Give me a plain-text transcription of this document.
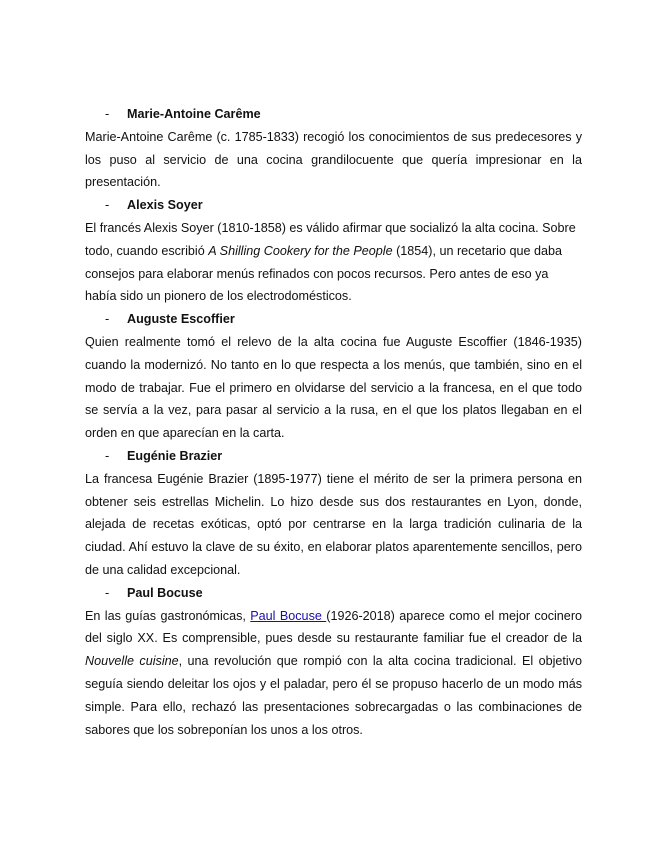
- Marie-Antoine Carême

Marie-Antoine Carême (c. 1785-1833) recogió los conocimientos de sus predecesores y los puso al servicio de una cocina grandilocuente que quería impresionar en la presentación.

- Alexis Soyer

El francés Alexis Soyer (1810-1858) es válido afirmar que socializó la alta cocina. Sobre todo, cuando escribió A Shilling Cookery for the People (1854), un recetario que daba consejos para elaborar menús refinados con pocos recursos. Pero antes de eso ya había sido un pionero de los electrodomésticos.

- Auguste Escoffier

Quien realmente tomó el relevo de la alta cocina fue Auguste Escoffier (1846-1935) cuando la modernizó. No tanto en lo que respecta a los menús, que también, sino en el modo de trabajar. Fue el primero en olvidarse del servicio a la francesa, en el que todo se servía a la vez, para pasar al servicio a la rusa, en el que los platos llegaban en el orden en que aparecían en la carta.

- Eugénie Brazier

La francesa Eugénie Brazier (1895-1977) tiene el mérito de ser la primera persona en obtener seis estrellas Michelin. Lo hizo desde sus dos restaurantes en Lyon, donde, alejada de recetas exóticas, optó por centrarse en la larga tradición culinaria de la ciudad. Ahí estuvo la clave de su éxito, en elaborar platos aparentemente sencillos, pero de una calidad excepcional.

- Paul Bocuse

En las guías gastronómicas, Paul Bocuse (1926-2018) aparece como el mejor cocinero del siglo XX. Es comprensible, pues desde su restaurante familiar fue el creador de la Nouvelle cuisine, una revolución que rompió con la alta cocina tradicional. El objetivo seguía siendo deleitar los ojos y el paladar, pero él se propuso hacerlo de un modo más simple. Para ello, rechazó las presentaciones sobrecargadas o las combinaciones de sabores que los sobreponían los unos a los otros.
